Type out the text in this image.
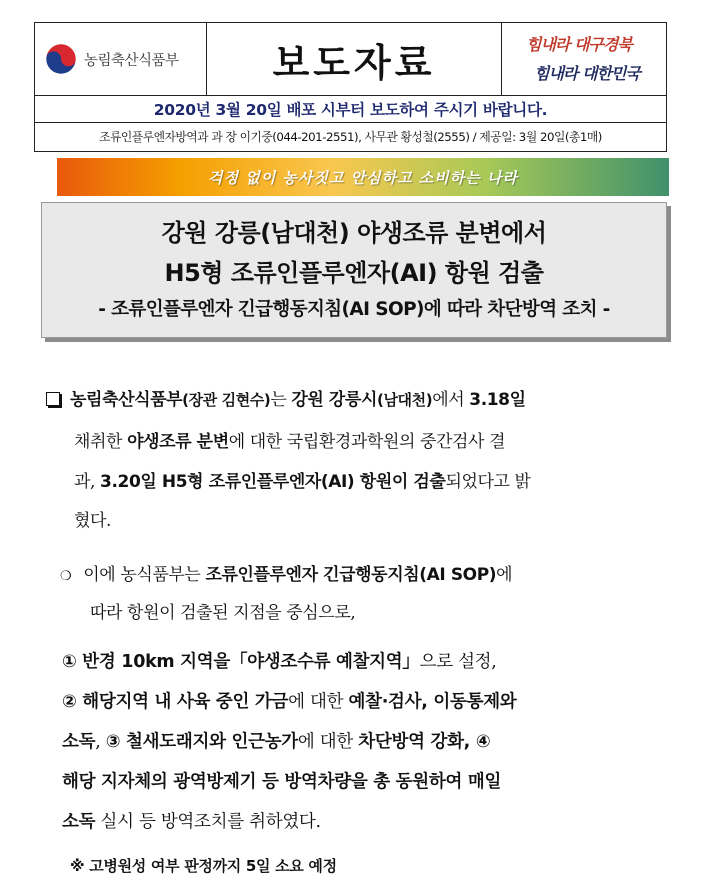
농림축산식품부 보도자료	힘내라 대구경북
힘내라 대한민국
2020년 3월 20일 배포 시부터 보도하여 주시기 바랍니다.
조류인플루엔자방역과 과 장 이기중(044-201-2551), 사무관 황성철(2555) / 제공일: 3월 20일(총1매)
걱정 없이 농사짓고 안심하고 소비하는 나라
강원 강릉(남대천) 야생조류 분변에서
H5형 조류인플루엔자(AI) 항원 검출
- 조류인플루엔자 긴급행동지침(AI SOP)에 따라 차단방역 조치 -
농림축산식품부(장관 김현수)는 강원 강릉시(남대천)에서 3.18일
채취한 야생조류 분변에 대한 국립환경과학원의 중간검사 결
과, 3.20일 H5형 조류인플루엔자(AI) 항원이 검출되었다고 밝
혔다.
❍ 이에 농식품부는 조류인플루엔자 긴급행동지침(AI SOP)에
따라 항원이 검출된 지점을 중심으로,
① 반경 10km 지역을「야생조수류 예찰지역」으로 설정,
② 해당지역 내 사육 중인 가금에 대한 예찰·검사, 이동통제와
소독, ③ 철새도래지와 인근농가에 대한 차단방역 강화, ④
해당 지자체의 광역방제기 등 방역차량을 총 동원하여 매일
소독 실시 등 방역조치를 취하였다.
※ 고병원성 여부 판정까지 5일 소요 예정
